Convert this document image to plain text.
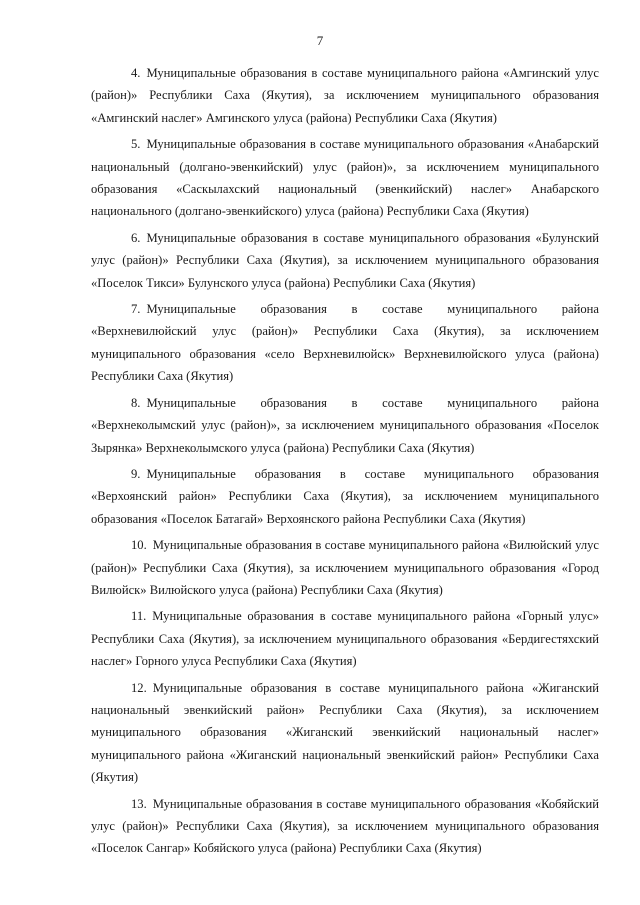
7

4. Муниципальные образования в составе муниципального района «Амгинский улус (район)» Республики Саха (Якутия), за исключением муниципального образования «Амгинский наслег» Амгинского улуса (района) Республики Саха (Якутия)

5. Муниципальные образования в составе муниципального образования «Анабарский национальный (долгано-эвенкийский) улус (район)», за исключением муниципального образования «Саскылахский национальный (эвенкийский) наслег» Анабарского национального (долгано-эвенкийского) улуса (района) Республики Саха (Якутия)

6. Муниципальные образования в составе муниципального образования «Булунский улус (район)» Республики Саха (Якутия), за исключением муниципального образования «Поселок Тикси» Булунского улуса (района) Республики Саха (Якутия)

7. Муниципальные образования в составе муниципального района «Верхневилюйский улус (район)» Республики Саха (Якутия), за исключением муниципального образования «село Верхневилюйск» Верхневилюйского улуса (района) Республики Саха (Якутия)

8. Муниципальные образования в составе муниципального района «Верхнеколымский улус (район)», за исключением муниципального образования «Поселок Зырянка» Верхнеколымского улуса (района) Республики Саха (Якутия)

9. Муниципальные образования в составе муниципального образования «Верхоянский район» Республики Саха (Якутия), за исключением муниципального образования «Поселок Батагай» Верхоянского района Республики Саха (Якутия)

10. Муниципальные образования в составе муниципального района «Вилюйский улус (район)» Республики Саха (Якутия), за исключением муниципального образования «Город Вилюйск» Вилюйского улуса (района) Республики Саха (Якутия)

11. Муниципальные образования в составе муниципального района «Горный улус» Республики Саха (Якутия), за исключением муниципального образования «Бердигестяхский наслег» Горного улуса Республики Саха (Якутия)

12. Муниципальные образования в составе муниципального района «Жиганский национальный эвенкийский район» Республики Саха (Якутия), за исключением муниципального образования «Жиганский эвенкийский национальный наслег» муниципального района «Жиганский национальный эвенкийский район» Республики Саха (Якутия)

13. Муниципальные образования в составе муниципального образования «Кобяйский улус (район)» Республики Саха (Якутия), за исключением муниципального образования «Поселок Сангар» Кобяйского улуса (района) Республики Саха (Якутия)
